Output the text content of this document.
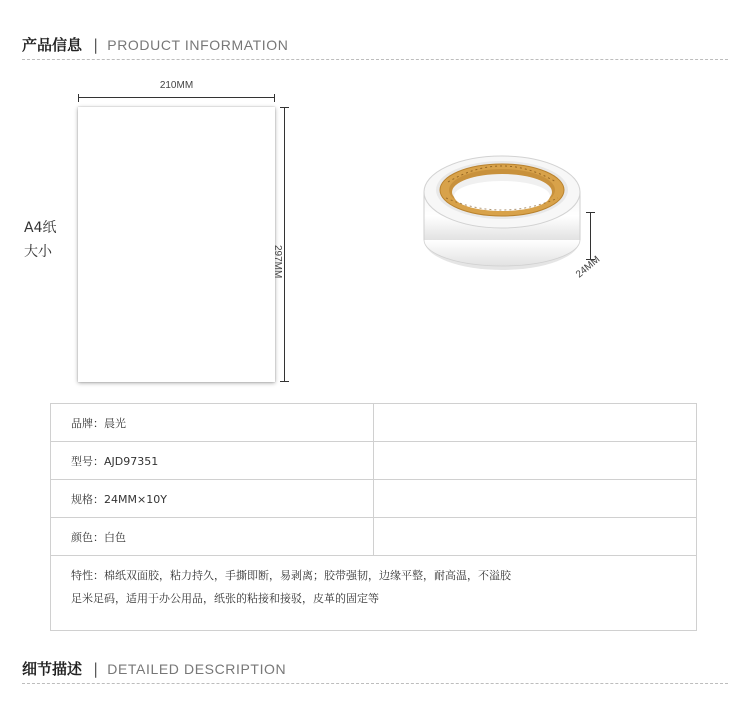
产品信息 | PRODUCT INFORMATION
A4纸
大小
210MM
297MM	24MM
品牌：晨光	
型号：AJD97351	
规格：24MM×10Y	
颜色：白色	

特性：棉纸双面胶，粘力持久，手撕即断，易剥离；胶带强韧，边缘平整，耐高温，不溢胶
足米足码，适用于办公用品，纸张的粘接和接驳，皮革的固定等	
细节描述 | DETAILED DESCRIPTION
